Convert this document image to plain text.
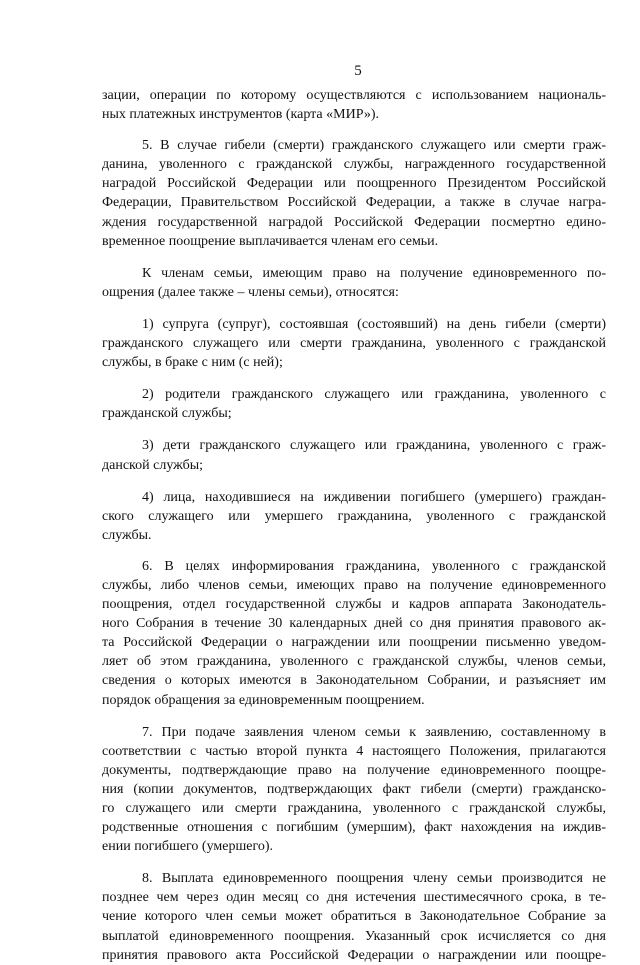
5
зации, операции по которому осуществляются с использованием националь-
ных платежных инструментов (карта «МИР»).
5. В случае гибели (смерти) гражданского служащего или смерти граж-
данина, уволенного с гражданской службы, награжденного государственной
наградой Российской Федерации или поощренного Президентом Российской
Федерации, Правительством Российской Федерации, а также в случае награ-
ждения государственной наградой Российской Федерации посмертно едино-
временное поощрение выплачивается членам его семьи.
К членам семьи, имеющим право на получение единовременного по-
ощрения (далее также – члены семьи), относятся:
1) супруга (супруг), состоявшая (состоявший) на день гибели (смерти)
гражданского служащего или смерти гражданина, уволенного с гражданской
службы, в браке с ним (с ней);
2) родители гражданского служащего или гражданина, уволенного с
гражданской службы;
3) дети гражданского служащего или гражданина, уволенного с граж-
данской службы;
4) лица, находившиеся на иждивении погибшего (умершего) граждан-
ского служащего или умершего гражданина, уволенного с гражданской
службы.
6. В целях информирования гражданина, уволенного с гражданской
службы, либо членов семьи, имеющих право на получение единовременного
поощрения, отдел государственной службы и кадров аппарата Законодатель-
ного Собрания в течение 30 календарных дней со дня принятия правового ак-
та Российской Федерации о награждении или поощрении письменно уведом-
ляет об этом гражданина, уволенного с гражданской службы, членов семьи,
сведения о которых имеются в Законодательном Собрании, и разъясняет им
порядок обращения за единовременным поощрением.
7. При подаче заявления членом семьи к заявлению, составленному в
соответствии с частью второй пункта 4 настоящего Положения, прилагаются
документы, подтверждающие право на получение единовременного поощре-
ния (копии документов, подтверждающих факт гибели (смерти) гражданско-
го служащего или смерти гражданина, уволенного с гражданской службы,
родственные отношения с погибшим (умершим), факт нахождения на иждив-
ении погибшего (умершего).
8. Выплата единовременного поощрения члену семьи производится не
позднее чем через один месяц со дня истечения шестимесячного срока, в те-
чение которого член семьи может обратиться в Законодательное Собрание за
выплатой единовременного поощрения. Указанный срок исчисляется со дня
принятия правового акта Российской Федерации о награждении или поощре-
